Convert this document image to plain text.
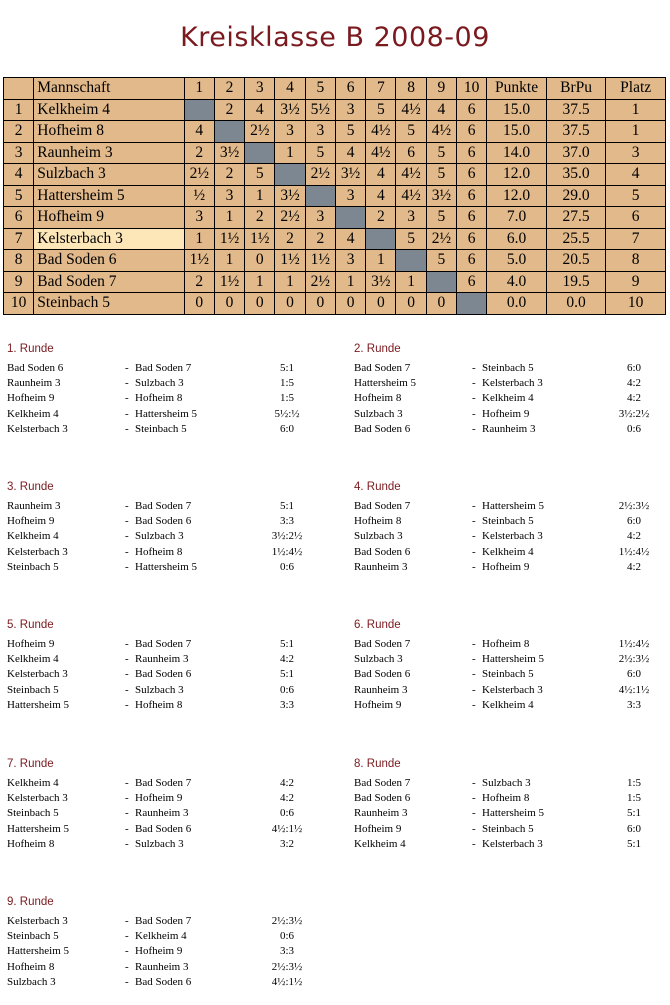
Kreisklasse B 2008-09
	Mannschaft	1	2	3	4	5	6	7	8	9	10	Punkte	BrPu	Platz
1	Kelkheim 4		2	4	3½	5½	3	5	4½	4	6	15.0	37.5	1
2	Hofheim 8	4		2½	3	3	5	4½	5	4½	6	15.0	37.5	1
3	Raunheim 3	2	3½		1	5	4	4½	6	5	6	14.0	37.0	3
4	Sulzbach 3	2½	2	5		2½	3½	4	4½	5	6	12.0	35.0	4
5	Hattersheim 5	½	3	1	3½		3	4	4½	3½	6	12.0	29.0	5
6	Hofheim 9	3	1	2	2½	3		2	3	5	6	7.0	27.5	6
7	Kelsterbach 3	1	1½	1½	2	2	4		5	2½	6	6.0	25.5	7
8	Bad Soden 6	1½	1	0	1½	1½	3	1		5	6	5.0	20.5	8
9	Bad Soden 7	2	1½	1	1	2½	1	3½	1		6	4.0	19.5	9
10	Steinbach 5	0	0	0	0	0	0	0	0	0		0.0	0.0	10
1. Runde
Bad Soden 6	- Bad Soden 7	5:1
Raunheim 3	- Sulzbach 3	1:5
Hofheim 9	- Hofheim 8	1:5
Kelkheim 4	- Hattersheim 5	5½:½
Kelsterbach 3	- Steinbach 5	6:0
2. Runde
Bad Soden 7	- Steinbach 5	6:0
Hattersheim 5	- Kelsterbach 3	4:2
Hofheim 8	- Kelkheim 4	4:2
Sulzbach 3	- Hofheim 9	3½:2½
Bad Soden 6	- Raunheim 3	0:6
3. Runde
Raunheim 3	- Bad Soden 7	5:1
Hofheim 9	- Bad Soden 6	3:3
Kelkheim 4	- Sulzbach 3	3½:2½
Kelsterbach 3	- Hofheim 8	1½:4½
Steinbach 5	- Hattersheim 5	0:6
4. Runde
Bad Soden 7	- Hattersheim 5	2½:3½
Hofheim 8	- Steinbach 5	6:0
Sulzbach 3	- Kelsterbach 3	4:2
Bad Soden 6	- Kelkheim 4	1½:4½
Raunheim 3	- Hofheim 9	4:2
5. Runde
Hofheim 9	- Bad Soden 7	5:1
Kelkheim 4	- Raunheim 3	4:2
Kelsterbach 3	- Bad Soden 6	5:1
Steinbach 5	- Sulzbach 3	0:6
Hattersheim 5	- Hofheim 8	3:3
6. Runde
Bad Soden 7	- Hofheim 8	1½:4½
Sulzbach 3	- Hattersheim 5	2½:3½
Bad Soden 6	- Steinbach 5	6:0
Raunheim 3	- Kelsterbach 3	4½:1½
Hofheim 9	- Kelkheim 4	3:3
7. Runde
Kelkheim 4	- Bad Soden 7	4:2
Kelsterbach 3	- Hofheim 9	4:2
Steinbach 5	- Raunheim 3	0:6
Hattersheim 5	- Bad Soden 6	4½:1½
Hofheim 8	- Sulzbach 3	3:2
8. Runde
Bad Soden 7	- Sulzbach 3	1:5
Bad Soden 6	- Hofheim 8	1:5
Raunheim 3	- Hattersheim 5	5:1
Hofheim 9	- Steinbach 5	6:0
Kelkheim 4	- Kelsterbach 3	5:1
9. Runde
Kelsterbach 3	- Bad Soden 7	2½:3½
Steinbach 5	- Kelkheim 4	0:6
Hattersheim 5	- Hofheim 9	3:3
Hofheim 8	- Raunheim 3	2½:3½
Sulzbach 3	- Bad Soden 6	4½:1½
